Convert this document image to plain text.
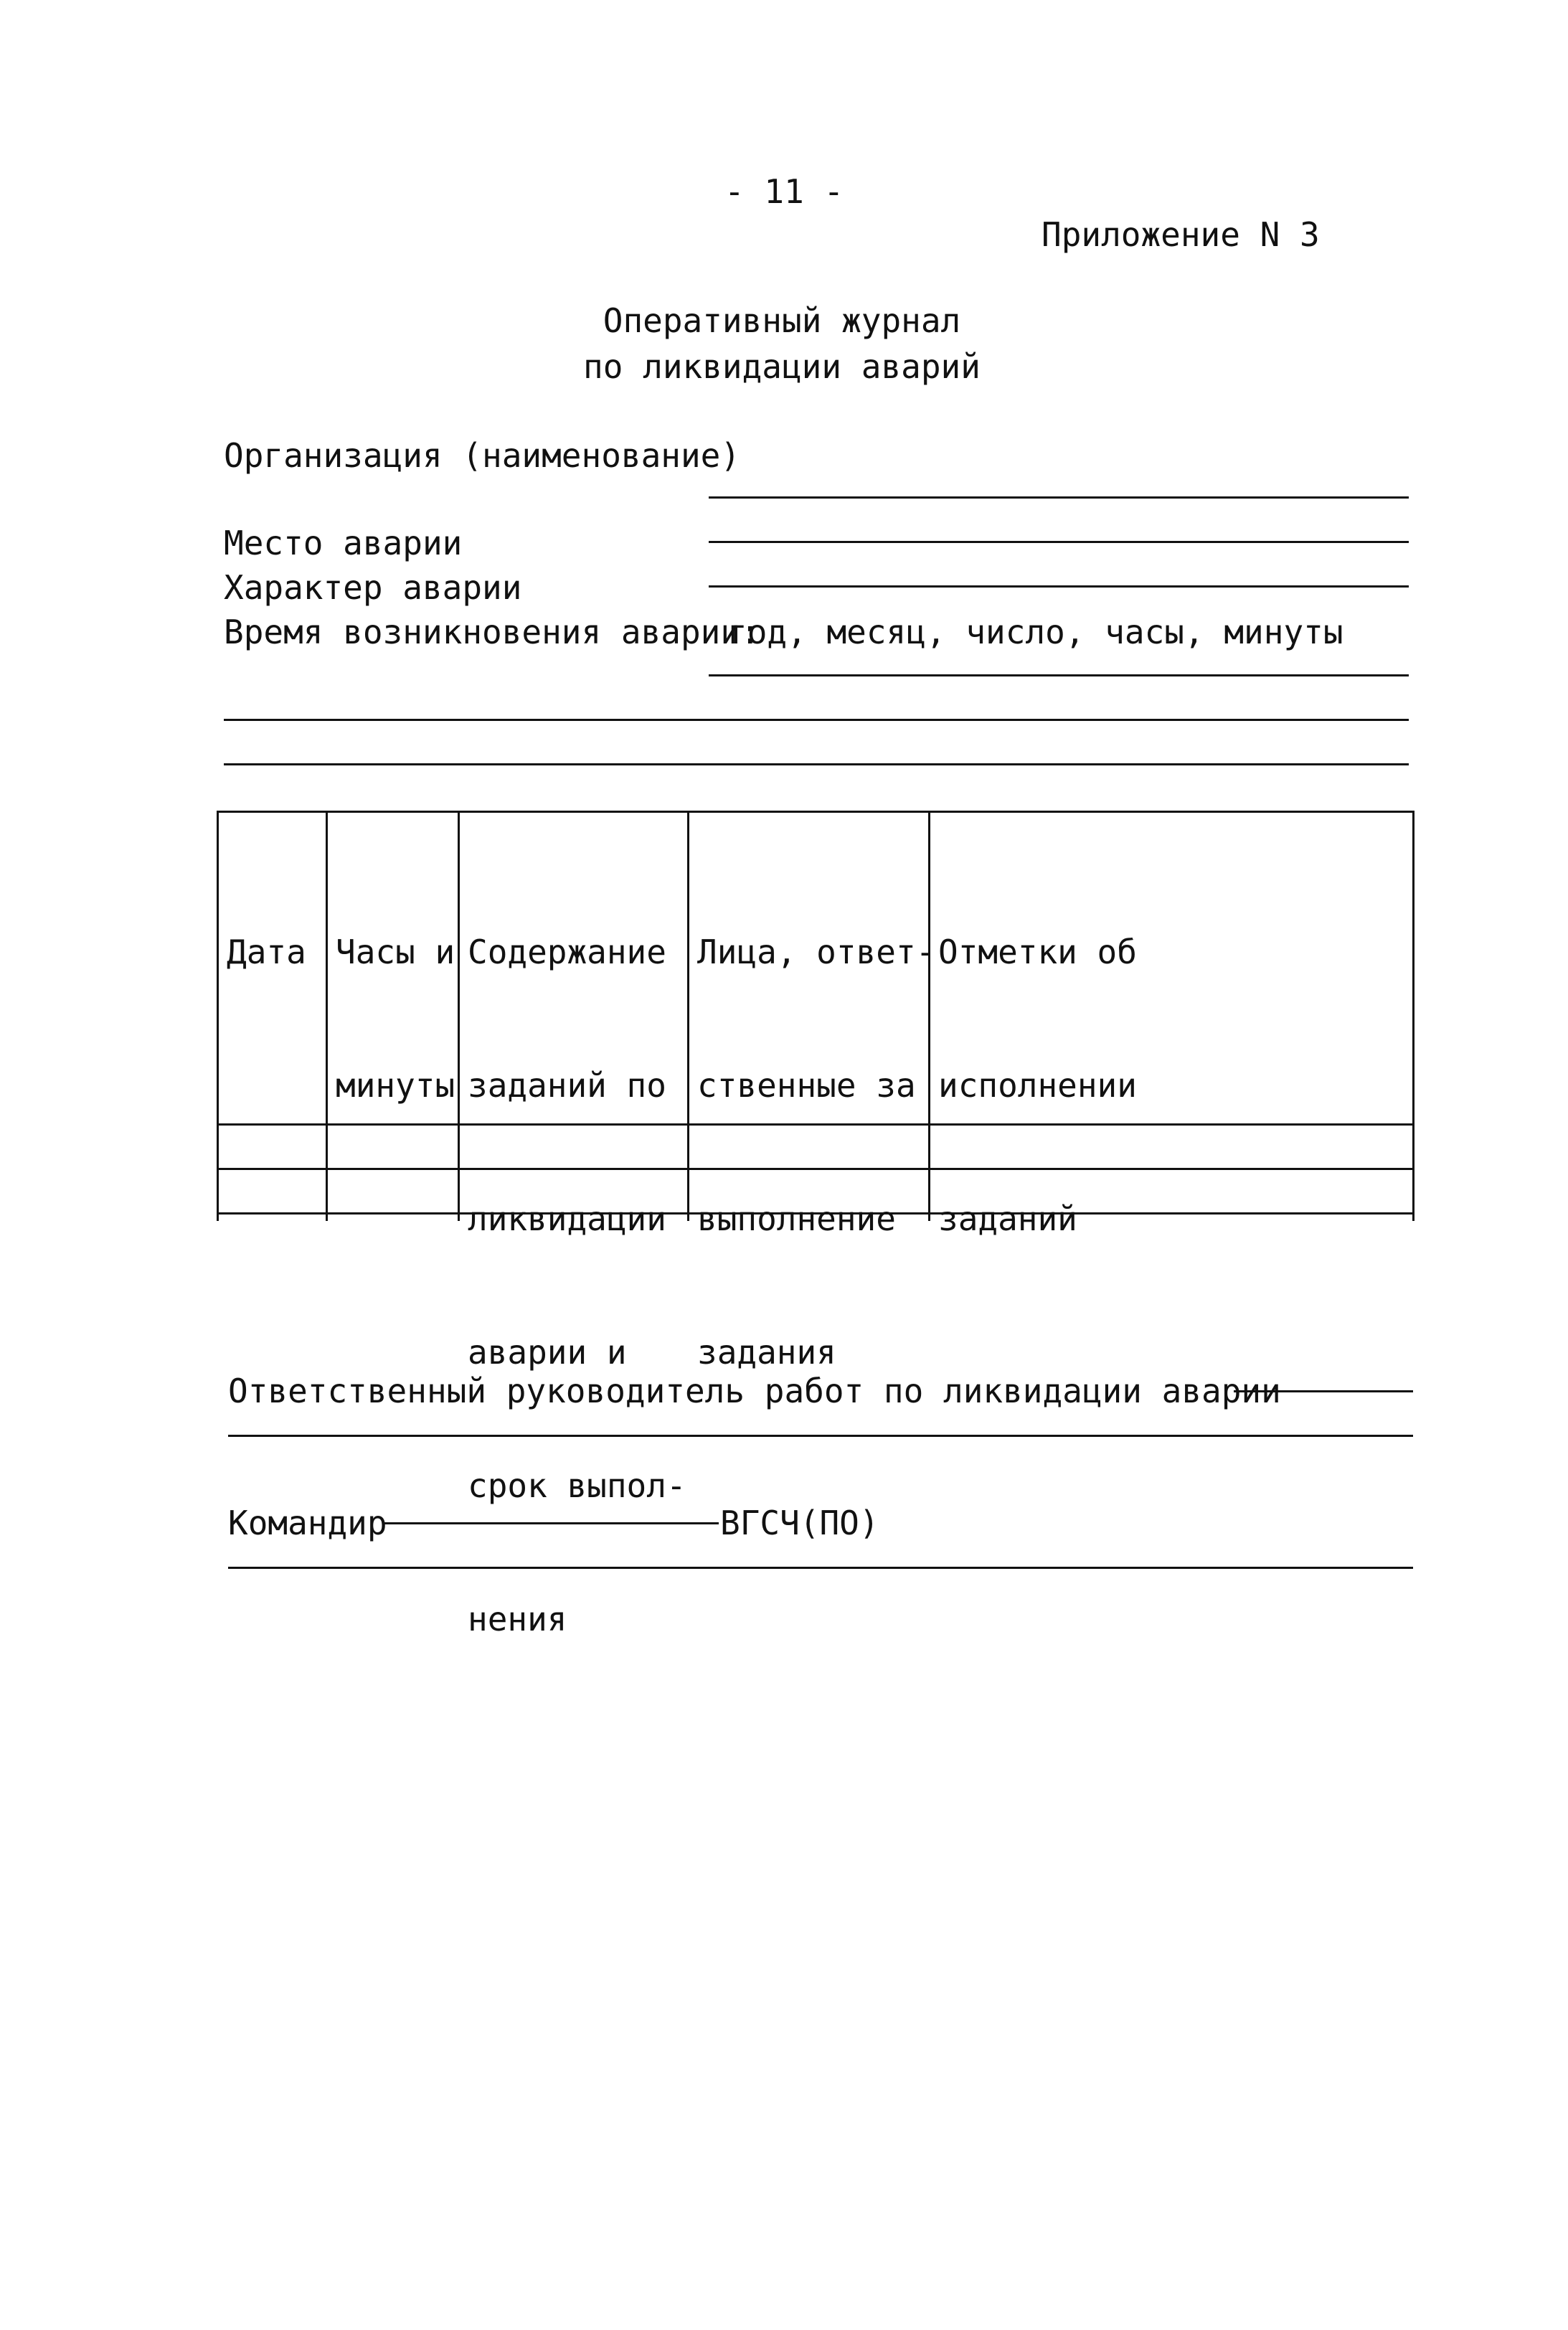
- 11 -
Приложение N 3
Оперативный журнал
по ликвидации аварий
Организация (наименование)
Место аварии
Характер аварии
Время возникновения аварии:
год, месяц, число, часы, минуты

Дата

Часы и

минуты

Содержание

заданий по

ликвидации

аварии и

срок выпол-

нения

Лица, ответ-

ственные за

выполнение

задания

Отметки об

исполнении

заданий

Ответственный руководитель работ по ликвидации аварии
Командир	ВГСЧ(ПО)
